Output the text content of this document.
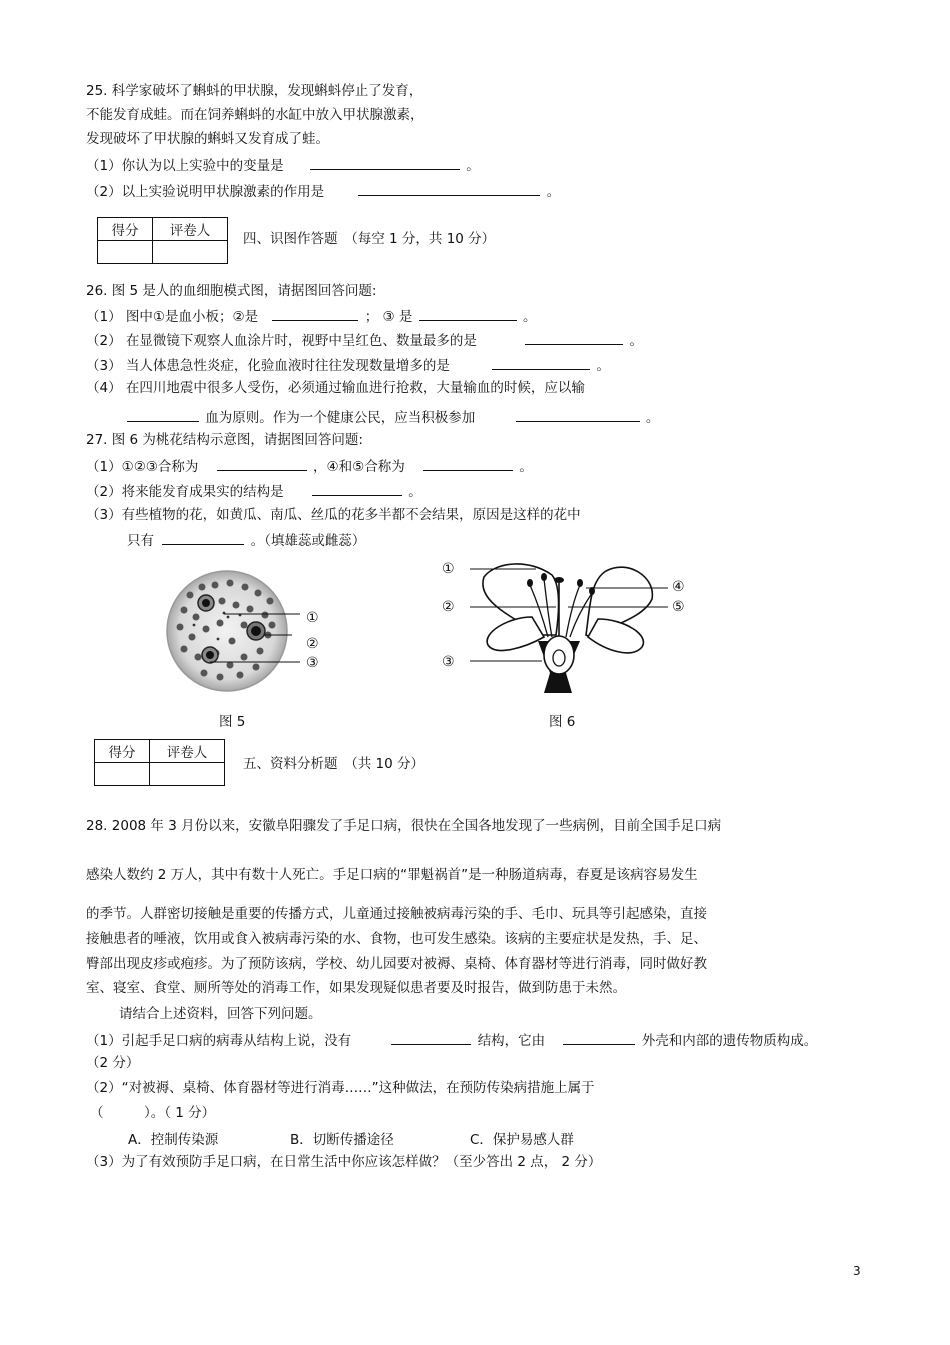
25. 科学家破坏了蝌蚪的甲状腺，发现蝌蚪停止了发育，
不能发育成蛙。而在饲养蝌蚪的水缸中放入甲状腺激素，
发现破坏了甲状腺的蝌蚪又发育成了蛙。
（1）你认为以上实验中的变量是	。
（2）以上实验说明甲状腺激素的作用是	。
得分	评卷人
	四、识图作答题　（每空 1 分，共 10 分）
26. 图 5 是人的血细胞模式图，请据图回答问题:
（1） 图中①是血小板；②是	； ③ 是	。
（2） 在显微镜下观察人血涂片时，视野中呈红色、数量最多的是	。
（3） 当人体患急性炎症，化验血液时往往发现数量增多的是	。
（4） 在四川地震中很多人受伤，必须通过输血进行抢救，大量输血的时候，应以输
血为原则。作为一个健康公民，应当积极参加	。
27. 图 6 为桃花结构示意图，请据图回答问题:
（1）①②③合称为	，④和⑤合称为	。
（2）将来能发育成果实的结构是	。
（3）有些植物的花，如黄瓜、南瓜、丝瓜的花多半都不会结果，原因是这样的花中
只有	。（填雄蕊或雌蕊）
①
②
③
图 5
①
②
③
④
⑤
图 6
得分	评卷人

五、资料分析题　（共 10 分）
28. 2008 年 3 月份以来，安徽阜阳骤发了手足口病，很快在全国各地发现了一些病例，目前全国手足口病
感染人数约 2 万人，其中有数十人死亡。手足口病的“罪魁祸首”是一种肠道病毒，春夏是该病容易发生
的季节。人群密切接触是重要的传播方式，儿童通过接触被病毒污染的手、毛巾、玩具等引起感染，直接
接触患者的唾液，饮用或食入被病毒污染的水、食物，也可发生感染。该病的主要症状是发热，手、足、
臀部出现皮疹或疱疹。为了预防该病，学校、幼儿园要对被褥、桌椅、体育器材等进行消毒，同时做好教
室、寝室、食堂、厕所等处的消毒工作，如果发现疑似患者要及时报告，做到防患于未然。
请结合上述资料，回答下列问题。
（1）引起手足口病的病毒从结构上说，没有	结构，它由	外壳和内部的遗传物质构成。
（2 分）
（2）“对被褥、桌椅、体育器材等进行消毒……”这种做法，在预防传染病措施上属于
（　　　）。（ 1 分）
A．控制传染源	B．切断传播途径	C．保护易感人群
（3）为了有效预防手足口病，在日常生活中你应该怎样做？（至少答出 2 点， 2 分）
3
